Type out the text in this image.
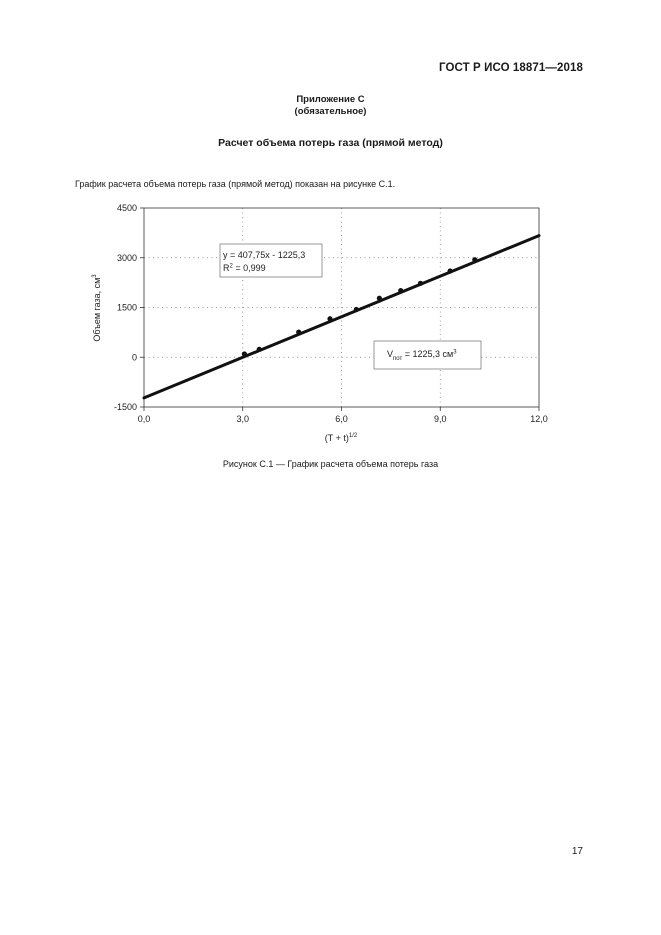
ГОСТ Р ИСО 18871—2018
Приложение С
(обязательное)
Расчет объема потерь газа (прямой метод)
График расчета объема потерь газа (прямой метод) показан на рисунке С.1.
-1500
0
1500
3000
4500
0,0	3,0	6,0	9,0	12,0
y = 407,75x - 1225,3
$R^2 = 0,999$
$V_{пот} = 1225,3$ $см^3$
$(T + t)^{1/2}$
Объем газа, $см^3$
Рисунок С.1 — График расчета объема потерь газа
17
